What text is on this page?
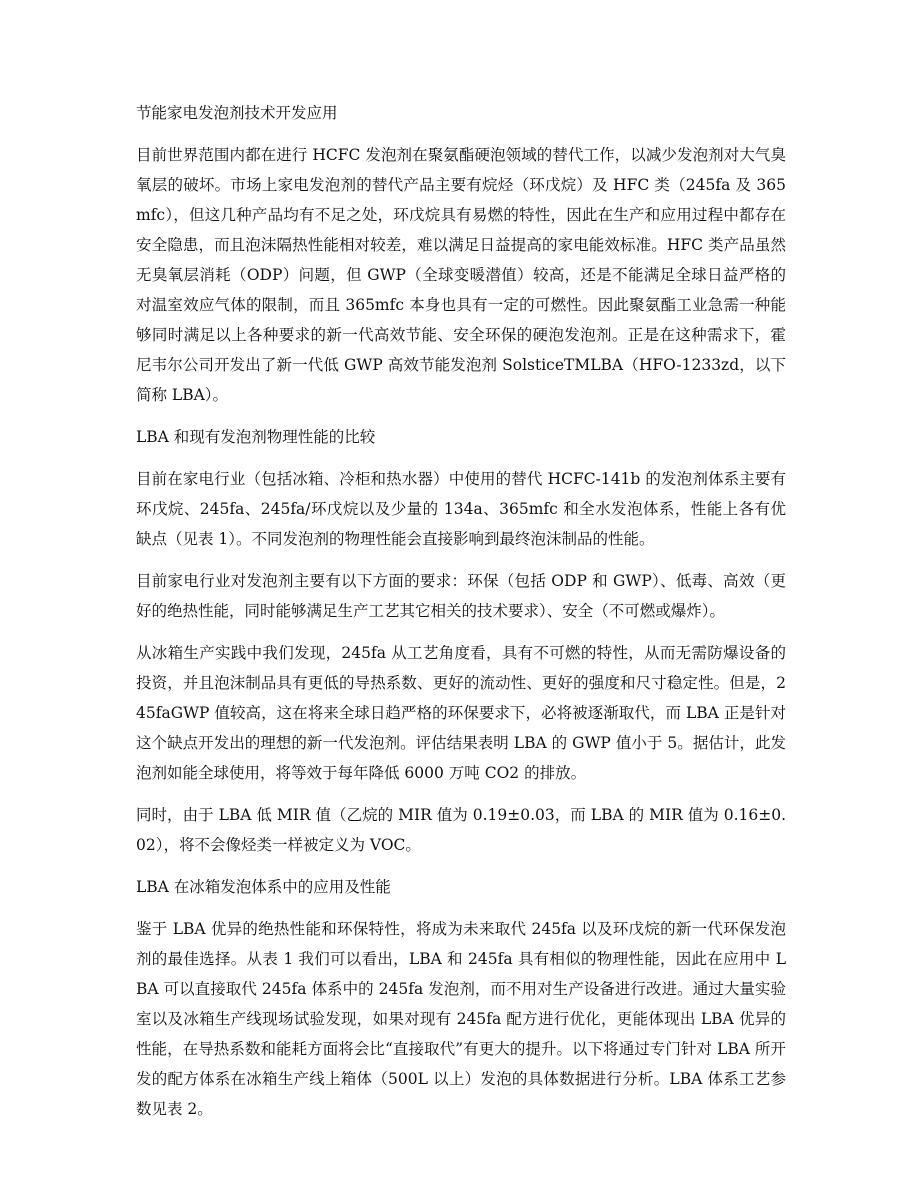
节能家电发泡剂技术开发应用

目前世界范围内都在进行 HCFC 发泡剂在聚氨酯硬泡领域的替代工作，以减少发泡剂对大气臭氧层的破坏。市场上家电发泡剂的替代产品主要有烷烃（环戊烷）及 HFC 类（245fa 及 365mfc），但这几种产品均有不足之处，环戊烷具有易燃的特性，因此在生产和应用过程中都存在安全隐患，而且泡沫隔热性能相对较差，难以满足日益提高的家电能效标准。HFC 类产品虽然无臭氧层消耗（ODP）问题，但 GWP（全球变暖潜值）较高，还是不能满足全球日益严格的对温室效应气体的限制，而且 365mfc 本身也具有一定的可燃性。因此聚氨酯工业急需一种能够同时满足以上各种要求的新一代高效节能、安全环保的硬泡发泡剂。正是在这种需求下，霍尼韦尔公司开发出了新一代低 GWP 高效节能发泡剂 SolsticeTMLBA（HFO-1233zd，以下简称 LBA）。

LBA 和现有发泡剂物理性能的比较

目前在家电行业（包括冰箱、冷柜和热水器）中使用的替代 HCFC-141b 的发泡剂体系主要有环戊烷、245fa、245fa/环戊烷以及少量的 134a、365mfc 和全水发泡体系，性能上各有优缺点（见表 1）。不同发泡剂的物理性能会直接影响到最终泡沫制品的性能。

目前家电行业对发泡剂主要有以下方面的要求：环保（包括 ODP 和 GWP）、低毒、高效（更好的绝热性能，同时能够满足生产工艺其它相关的技术要求）、安全（不可燃或爆炸）。

从冰箱生产实践中我们发现，245fa 从工艺角度看，具有不可燃的特性，从而无需防爆设备的投资，并且泡沫制品具有更低的导热系数、更好的流动性、更好的强度和尺寸稳定性。但是，245faGWP 值较高，这在将来全球日趋严格的环保要求下，必将被逐渐取代，而 LBA 正是针对这个缺点开发出的理想的新一代发泡剂。评估结果表明 LBA 的 GWP 值小于 5。据估计，此发泡剂如能全球使用，将等效于每年降低 6000 万吨 CO2 的排放。

同时，由于 LBA 低 MIR 值（乙烷的 MIR 值为 0.19±0.03，而 LBA 的 MIR 值为 0.16±0.02），将不会像烃类一样被定义为 VOC。

LBA 在冰箱发泡体系中的应用及性能

鉴于 LBA 优异的绝热性能和环保特性，将成为未来取代 245fa 以及环戊烷的新一代环保发泡剂的最佳选择。从表 1 我们可以看出，LBA 和 245fa 具有相似的物理性能，因此在应用中 LBA 可以直接取代 245fa 体系中的 245fa 发泡剂，而不用对生产设备进行改进。通过大量实验室以及冰箱生产线现场试验发现，如果对现有 245fa 配方进行优化，更能体现出 LBA 优异的性能，在导热系数和能耗方面将会比“直接取代”有更大的提升。以下将通过专门针对 LBA 所开发的配方体系在冰箱生产线上箱体（500L 以上）发泡的具体数据进行分析。LBA 体系工艺参数见表 2。
